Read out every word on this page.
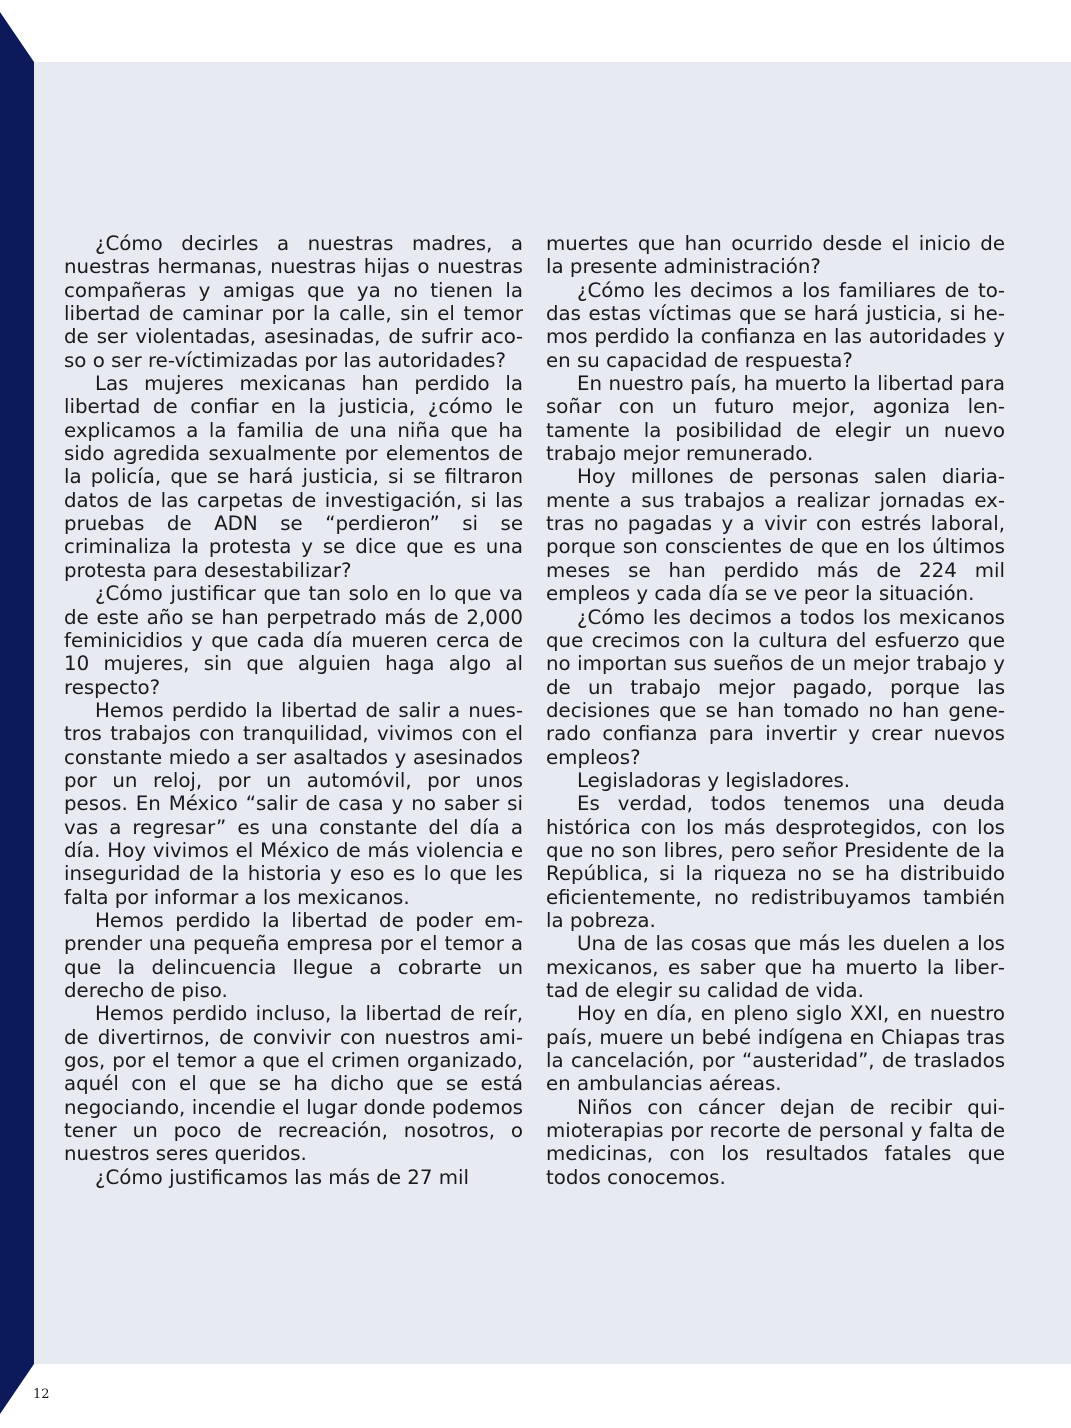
¿Cómo decirles a nuestras madres, a nuestras hermanas, nuestras hijas o nuestras compañeras y amigas que ya no tienen la libertad de caminar por la calle, sin el temor de ser violentadas, asesinadas, de sufrir acoso o ser re-víctimizadas por las autoridades?

Las mujeres mexicanas han perdido la libertad de confiar en la justicia, ¿cómo le explicamos a la familia de una niña que ha sido agredida sexualmente por elementos de la policía, que se hará justicia, si se filtraron datos de las carpetas de investigación, si las pruebas de ADN se “perdieron” si se criminaliza la protesta y se dice que es una protesta para desestabilizar?

¿Cómo justificar que tan solo en lo que va de este año se han perpetrado más de 2,000 feminicidios y que cada día mueren cerca de 10 mujeres, sin que alguien haga algo al respecto?

Hemos perdido la libertad de salir a nuestros trabajos con tranquilidad, vivimos con el constante miedo a ser asaltados y asesinados por un reloj, por un automóvil, por unos pesos. En México “salir de casa y no saber si vas a regresar” es una constante del día a día. Hoy vivimos el México de más violencia e inseguridad de la historia y eso es lo que les falta por informar a los mexicanos.

Hemos perdido la libertad de poder emprender una pequeña empresa por el temor a que la delincuencia llegue a cobrarte un derecho de piso.

Hemos perdido incluso, la libertad de reír, de divertirnos, de convivir con nuestros amigos, por el temor a que el crimen organizado, aquél con el que se ha dicho que se está negociando, incendie el lugar donde podemos tener un poco de recreación, nosotros, o nuestros seres queridos.

¿Cómo justificamos las más de 27 mil

muertes que han ocurrido desde el inicio de la presente administración?

¿Cómo les decimos a los familiares de todas estas víctimas que se hará justicia, si hemos perdido la confianza en las autoridades y en su capacidad de respuesta?

En nuestro país, ha muerto la libertad para soñar con un futuro mejor, agoniza lentamente la posibilidad de elegir un nuevo trabajo mejor remunerado.

Hoy millones de personas salen diariamente a sus trabajos a realizar jornadas extras no pagadas y a vivir con estrés laboral, porque son conscientes de que en los últimos meses se han perdido más de 224 mil empleos y cada día se ve peor la situación.

¿Cómo les decimos a todos los mexicanos que crecimos con la cultura del esfuerzo que no importan sus sueños de un mejor trabajo y de un trabajo mejor pagado, porque las decisiones que se han tomado no han generado confianza para invertir y crear nuevos empleos?

Legisladoras y legisladores.

Es verdad, todos tenemos una deuda histórica con los más desprotegidos, con los que no son libres, pero señor Presidente de la República, si la riqueza no se ha distribuido eficientemente, no redistribuyamos también la pobreza.

Una de las cosas que más les duelen a los mexicanos, es saber que ha muerto la libertad de elegir su calidad de vida.

Hoy en día, en pleno siglo XXI, en nuestro país, muere un bebé indígena en Chiapas tras la cancelación, por “austeridad”, de traslados en ambulancias aéreas.

Niños con cáncer dejan de recibir quimioterapias por recorte de personal y falta de medicinas, con los resultados fatales que todos conocemos.

12
